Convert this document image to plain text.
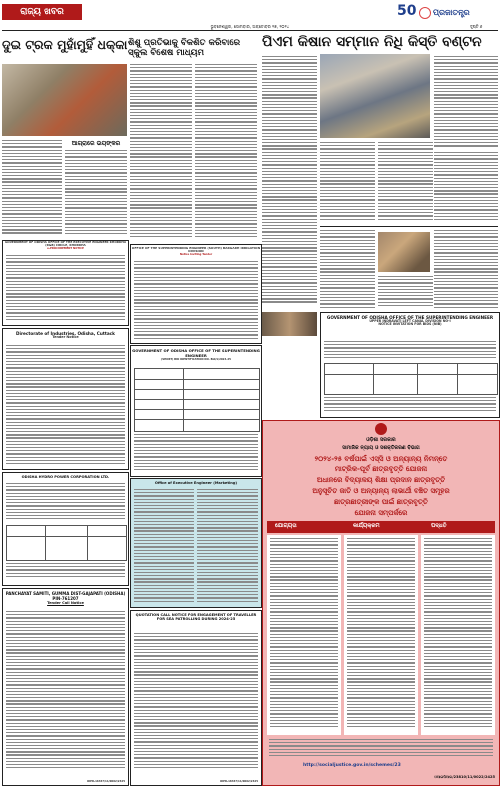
ରାଜ୍ୟ ଖବର
ଭୁବନେଶ୍ୱର, ସୋମବାର, ଅକ୍ଟୋବର ୨୭, ୨୦୨୪
50 ପ୍ରଜାତନ୍ତ୍ର
ଦୃଷ୍ଟି ୬
ଦୁଇ ଟ୍ରକ ମୁହାଁମୁହିଁ ଧକ୍କା ଶିଶୁ ପ୍ରତିଭାକୁ ବିକଶିତ କରିବାରେ ସ୍କୁଲ ବିଶେଷ ମାଧ୍ୟମ
ପିଏମ କିଷାନ ସମ୍ମାନ ନିଧି କିସ୍ତି ବଣ୍ଟନ
ଆଗ୍ରାରେ ଭୟଙ୍କର
GOVERNMENT OF ODISHA OFFICE OF THE EXECUTIVE ENGINEER KHORDHA (R&B) CIRCLE, KHORDHA
e-PROCUREMENT NOTICE
Directorate of Industries, Odisha, Cuttack
Tender Notice
ODISHA HYDRO POWER CORPORATION LTD.
PANCHAYAT SAMITI, GUMMA DIST-GAJAPATI (ODISHA) PIN-761207
Tender Call Notice
OIPR-16347/11/0002/2425
OFFICE OF THE SUPERINTENDING ENGINEER (SOUTH) BARGARH IRRIGATION DIVISION
Notice Inviting Tender
GOVERNMENT OF ODISHA OFFICE OF THE SUPERINTENDING ENGINEER
(SHORT) BID IDENTIFICATION NO. Bid/1/2024-25
Office of Executive Engineer (Marketing)
QUOTATION CALL NOTICE FOR ENGAGEMENT OF TRAVELLER FOR SEA PATROLLING DURING 2024-25
OIPR-18347/11/0002/2425
GOVERNMENT OF ODISHA OFFICE OF THE SUPERINTENDING ENGINEER
UPPER INDRAVATI LEFT CANAL DIVISION NO-I
NOTICE INVITATION FOR BIDS (NIB)
ଓଡ଼ିଶା ସରକାର
ସାମାଜିକ ନ୍ୟାୟ ଓ ସଶକ୍ତିକରଣ ବିଭାଗ
୨୦୨୪-୨୫ ବର୍ଷପାଇଁ ଏସ୍‌ସି ଓ ଅନ୍ୟାନ୍ୟ ନିମନ୍ତେ
ମାଟ୍ରିକ-ପୂର୍ବ ଛାତ୍ରବୃତ୍ତି ଯୋଜନା
ଅଧାନରେ ବିଦ୍ୟାଳୟ ଶିକ୍ଷା ପ୍ରଦାନ ଛାତ୍ରବୃତ୍ତି
ଅନୁସୂଚିତ ଜାତି ଓ ଅନ୍ୟାନ୍ୟ ଲାଭାର୍ଥୀ ବଞ୍ଚିତ ସମୂହର
ଛାତ୍ରଛାତ୍ରୀଙ୍କ ପାଇଁ ଛାତ୍ରବୃତ୍ତି
ଯୋଜନା ସମ୍ପର୍କରେ
ଯୋଗ୍ୟତା	କାର୍ଯ୍ୟକ୍ରମ	ପଦ୍ଧତି
http://socialjustice.gov.in/schemes/23
ଓଆଇପିଆର/23810/11/0022/2425
